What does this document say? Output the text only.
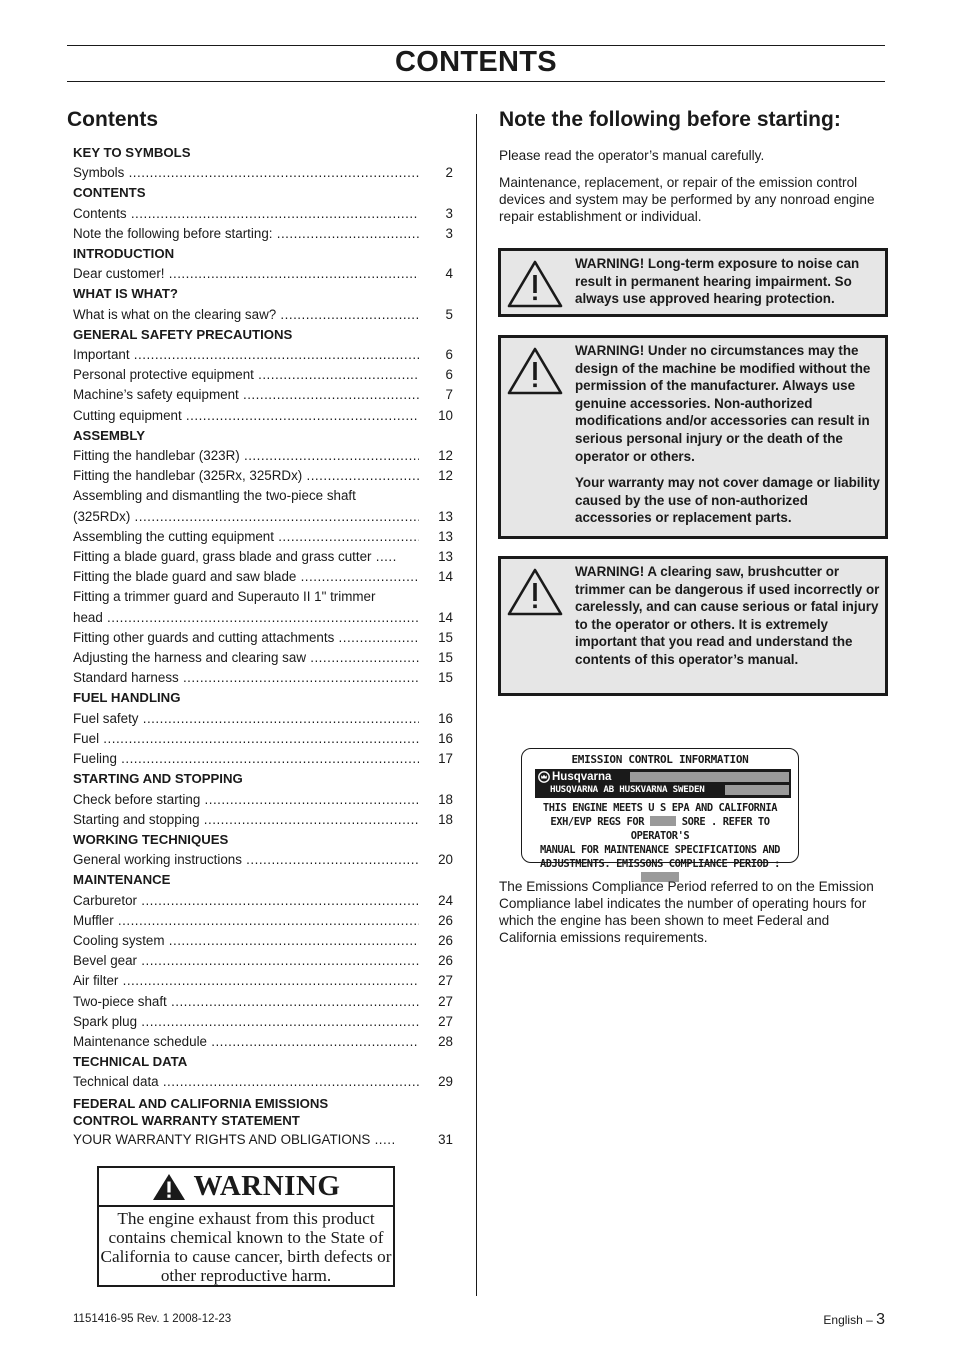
CONTENTS
Contents
KEY TO SYMBOLS
Symbols .....	2
CONTENTS
Contents .....	3
Note the following before starting: .....	3
INTRODUCTION
Dear customer! .....	4
WHAT IS WHAT?
What is what on the clearing saw? .....	5
GENERAL SAFETY PRECAUTIONS
Important .....	6
Personal protective equipment .....	6
Machine’s safety equipment .....	7
Cutting equipment .....	10
ASSEMBLY
Fitting the handlebar (323R) .....	12
Fitting the handlebar (325Rx, 325RDx) .....	12
Assembling and dismantling the two-piece shaft
(325RDx) .....	13
Assembling the cutting equipment .....	13
Fitting a blade guard, grass blade and grass cutter .....	13
Fitting the blade guard and saw blade .....	14
Fitting a trimmer guard and Superauto II 1" trimmer
head .....	14
Fitting other guards and cutting attachments .....	15
Adjusting the harness and clearing saw .....	15
Standard harness .....	15
FUEL HANDLING
Fuel safety .....	16
Fuel .....	16
Fueling .....	17
STARTING AND STOPPING
Check before starting .....	18
Starting and stopping .....	18
WORKING TECHNIQUES
General working instructions .....	20
MAINTENANCE
Carburetor .....	24
Muffler .....	26
Cooling system .....	26
Bevel gear .....	26
Air filter .....	27
Two-piece shaft .....	27
Spark plug .....	27
Maintenance schedule .....	28
TECHNICAL DATA
Technical data .....	29
FEDERAL AND CALIFORNIA EMISSIONS
CONTROL WARRANTY STATEMENT
YOUR WARRANTY RIGHTS AND OBLIGATIONS .....	31
WARNING
The engine exhaust from this product contains chemical known to the State of California to cause cancer, birth defects or other reproductive harm.
Note the following before starting:

Please read the operator’s manual carefully.

Maintenance, replacement, or repair of the emission control devices and system may be performed by any nonroad engine repair establishment or individual.

WARNING! Long-term exposure to noise can result in permanent hearing impairment. So always use approved hearing protection.

WARNING! Under no circumstances may the design of the machine be modified without the permission of the manufacturer. Always use genuine accessories. Non-authorized modifications and/or accessories can result in serious personal injury or the death of the operator or others.

Your warranty may not cover damage or liability caused by the use of non-authorized accessories or replacement parts.

WARNING! A clearing saw, brushcutter or trimmer can be dangerous if used incorrectly or carelessly, and can cause serious or fatal injury to the operator or others. It is extremely important that you read and understand the contents of this operator’s manual.

EMISSION CONTROL INFORMATION
Husqvarna
HUSQVARNA AB HUSKVARNA SWEDEN
THIS ENGINE MEETS U S EPA AND CALIFORNIA
EXH/EVP REGS FOR	SORE . REFER TO OPERATOR'S
MANUAL FOR MAINTENANCE SPECIFICATIONS AND
ADJUSTMENTS. EMISSONS COMPLIANCE PERIOD :

The Emissions Compliance Period referred to on the Emission Compliance label indicates the number of operating hours for which the engine has been shown to meet Federal and California emissions requirements.

1151416-95 Rev. 1 2008-12-23	English – 3
